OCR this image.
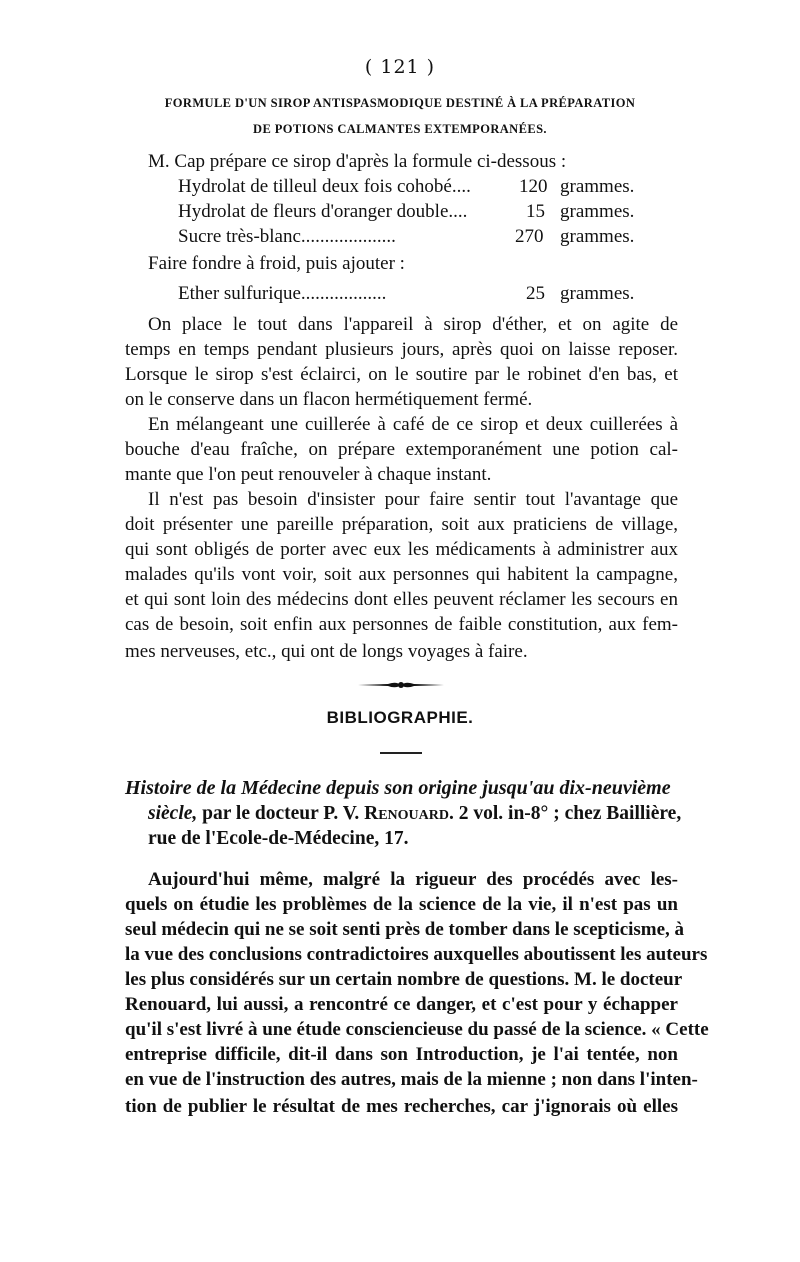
( 121 )
FORMULE D'UN SIROP ANTISPASMODIQUE DESTINÉ À LA PRÉPARATION
DE POTIONS CALMANTES EXTEMPORANÉES.
M. Cap prépare ce sirop d'après la formule ci-dessous :
Hydrolat de tilleul deux fois cohobé....	120 grammes.
Hydrolat de fleurs d'oranger double....	15 grammes.
Sucre très-blanc....................	270 grammes.
Faire fondre à froid, puis ajouter :
Ether sulfurique..................	25 grammes.
On place le tout dans l'appareil à sirop d'éther, et on agite de
temps en temps pendant plusieurs jours, après quoi on laisse reposer.
Lorsque le sirop s'est éclairci, on le soutire par le robinet d'en bas, et
on le conserve dans un flacon hermétiquement fermé.
En mélangeant une cuillerée à café de ce sirop et deux cuillerées à
bouche d'eau fraîche, on prépare extemporanément une potion cal-
mante que l'on peut renouveler à chaque instant.
Il n'est pas besoin d'insister pour faire sentir tout l'avantage que
doit présenter une pareille préparation, soit aux praticiens de village,
qui sont obligés de porter avec eux les médicaments à administrer aux
malades qu'ils vont voir, soit aux personnes qui habitent la campagne,
et qui sont loin des médecins dont elles peuvent réclamer les secours en
cas de besoin, soit enfin aux personnes de faible constitution, aux fem-
mes nerveuses, etc., qui ont de longs voyages à faire.
BIBLIOGRAPHIE.
Histoire de la Médecine depuis son origine jusqu'au dix-neuvième
siècle, par le docteur P. V. Renouard. 2 vol. in-8° ; chez Baillière,
rue de l'Ecole-de-Médecine, 17.
Aujourd'hui même, malgré la rigueur des procédés avec les-
quels on étudie les problèmes de la science de la vie, il n'est pas un
seul médecin qui ne se soit senti près de tomber dans le scepticisme, à
la vue des conclusions contradictoires auxquelles aboutissent les auteurs
les plus considérés sur un certain nombre de questions. M. le docteur
Renouard, lui aussi, a rencontré ce danger, et c'est pour y échapper
qu'il s'est livré à une étude consciencieuse du passé de la science. « Cette
entreprise difficile, dit-il dans son Introduction, je l'ai tentée, non
en vue de l'instruction des autres, mais de la mienne ; non dans l'inten-
tion de publier le résultat de mes recherches, car j'ignorais où elles
